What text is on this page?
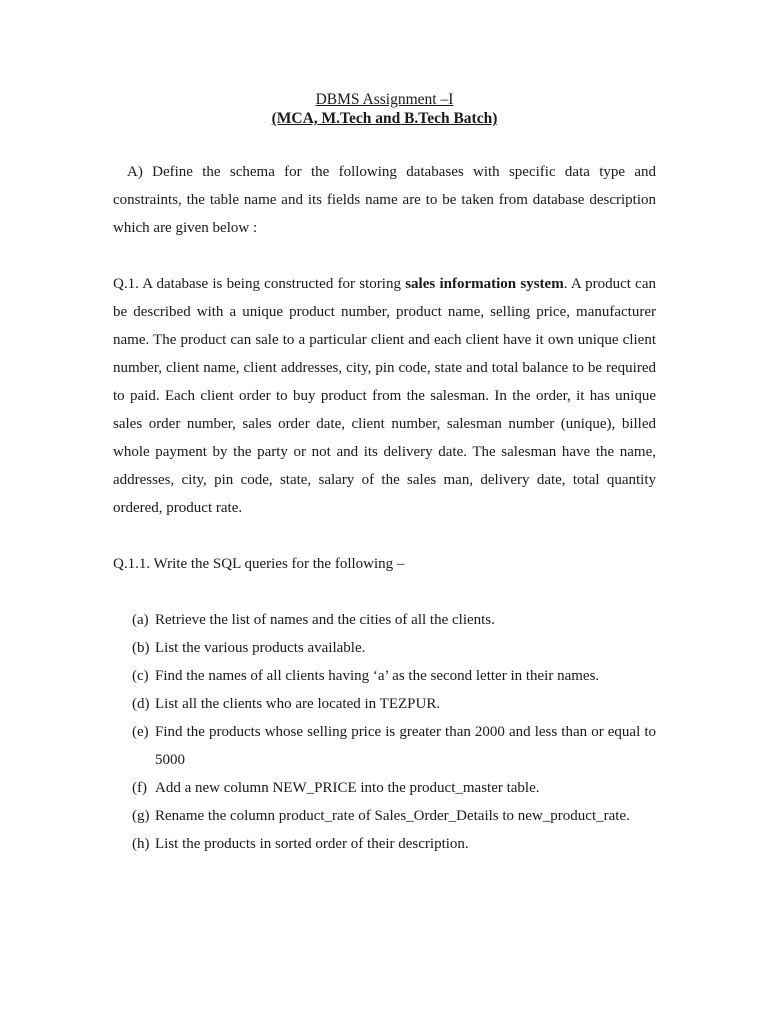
DBMS Assignment –I
(MCA, M.Tech and B.Tech Batch)

A) Define the schema for the following databases with specific data type and constraints, the table name and its fields name are to be taken from database description which are given below :

Q.1. A database is being constructed for storing sales information system. A product can be described with a unique product number, product name, selling price, manufacturer name. The product can sale to a particular client and each client have it own unique client number, client name, client addresses, city, pin code, state and total balance to be required to paid. Each client order to buy product from the salesman. In the order, it has unique sales order number, sales order date, client number, salesman number (unique), billed whole payment by the party or not and its delivery date. The salesman have the name, addresses, city, pin code, state, salary of the sales man, delivery date, total quantity ordered, product rate.

Q.1.1. Write the SQL queries for the following –

(a) Retrieve the list of names and the cities of all the clients.
(b) List the various products available.
(c) Find the names of all clients having ‘a’ as the second letter in their names.
(d) List all the clients who are located in TEZPUR.
(e) Find the products whose selling price is greater than 2000 and less than or equal to 5000
(f) Add a new column NEW_PRICE into the product_master table.
(g) Rename the column product_rate of Sales_Order_Details to new_product_rate.
(h) List the products in sorted order of their description.
